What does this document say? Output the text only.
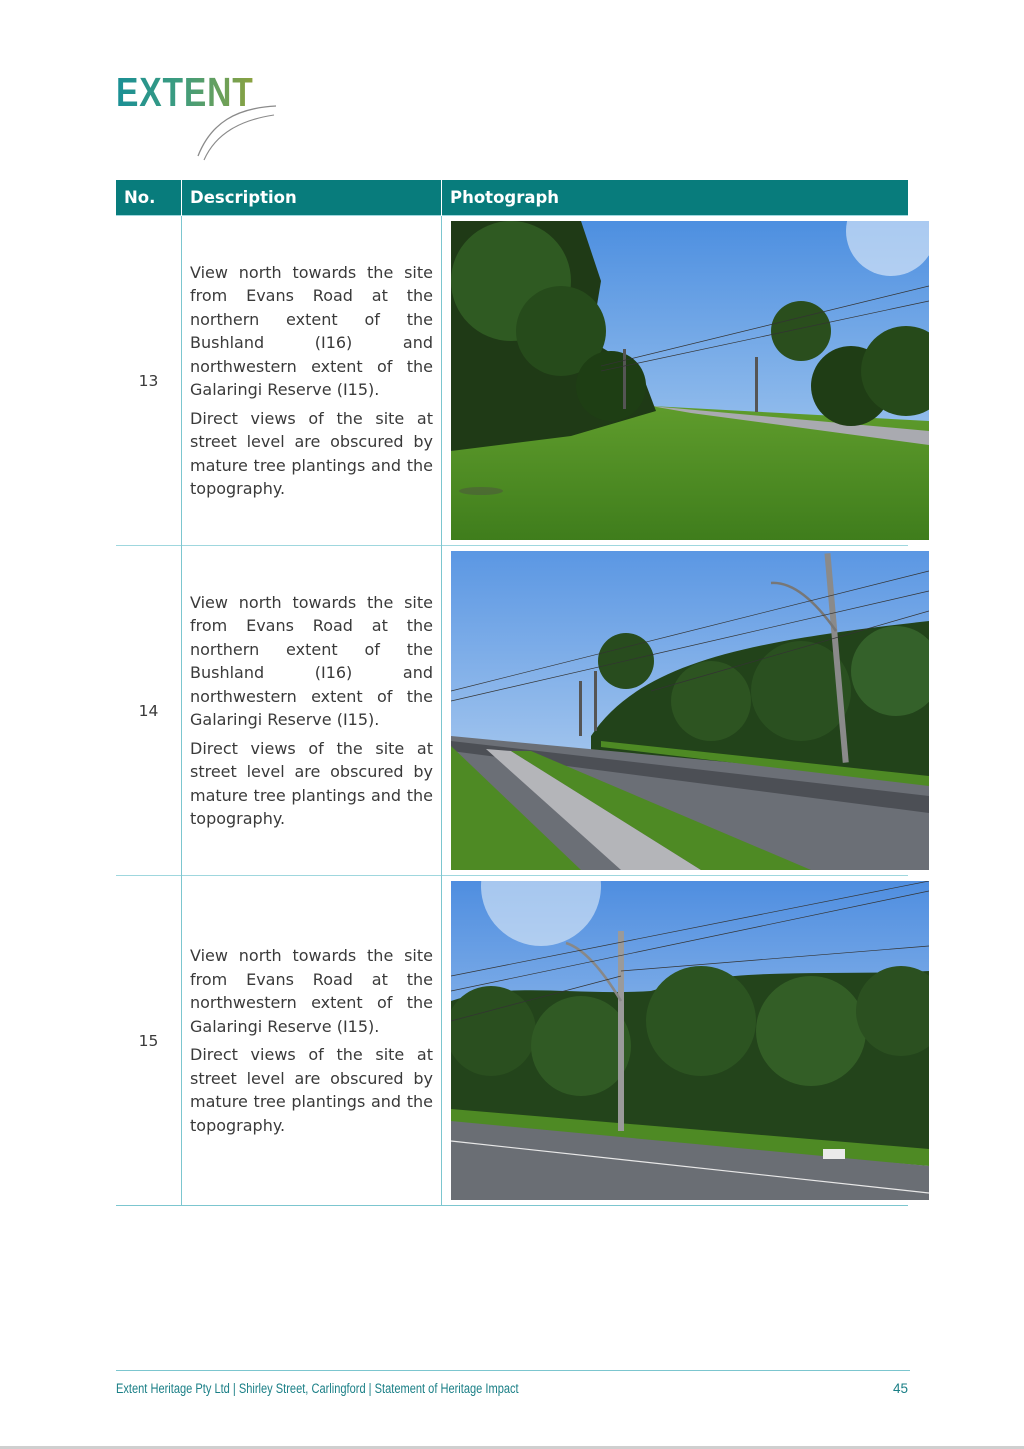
EXTENT
No.	Description	Photograph
13	View north towards the site from Evans Road at the northern extent of the Bushland (I16) and northwestern extent of the Galaringi Reserve (I15).

Direct views of the site at street level are obscured by mature tree plantings and the topography.

14	View north towards the site from Evans Road at the northern extent of the Bushland (I16) and northwestern extent of the Galaringi Reserve (I15).

Direct views of the site at street level are obscured by mature tree plantings and the topography.

15	View north towards the site from Evans Road at the northwestern extent of the Galaringi Reserve (I15).

Direct views of the site at street level are obscured by mature tree plantings and the topography.

Extent Heritage Pty Ltd | Shirley Street, Carlingford | Statement of Heritage Impact	45
